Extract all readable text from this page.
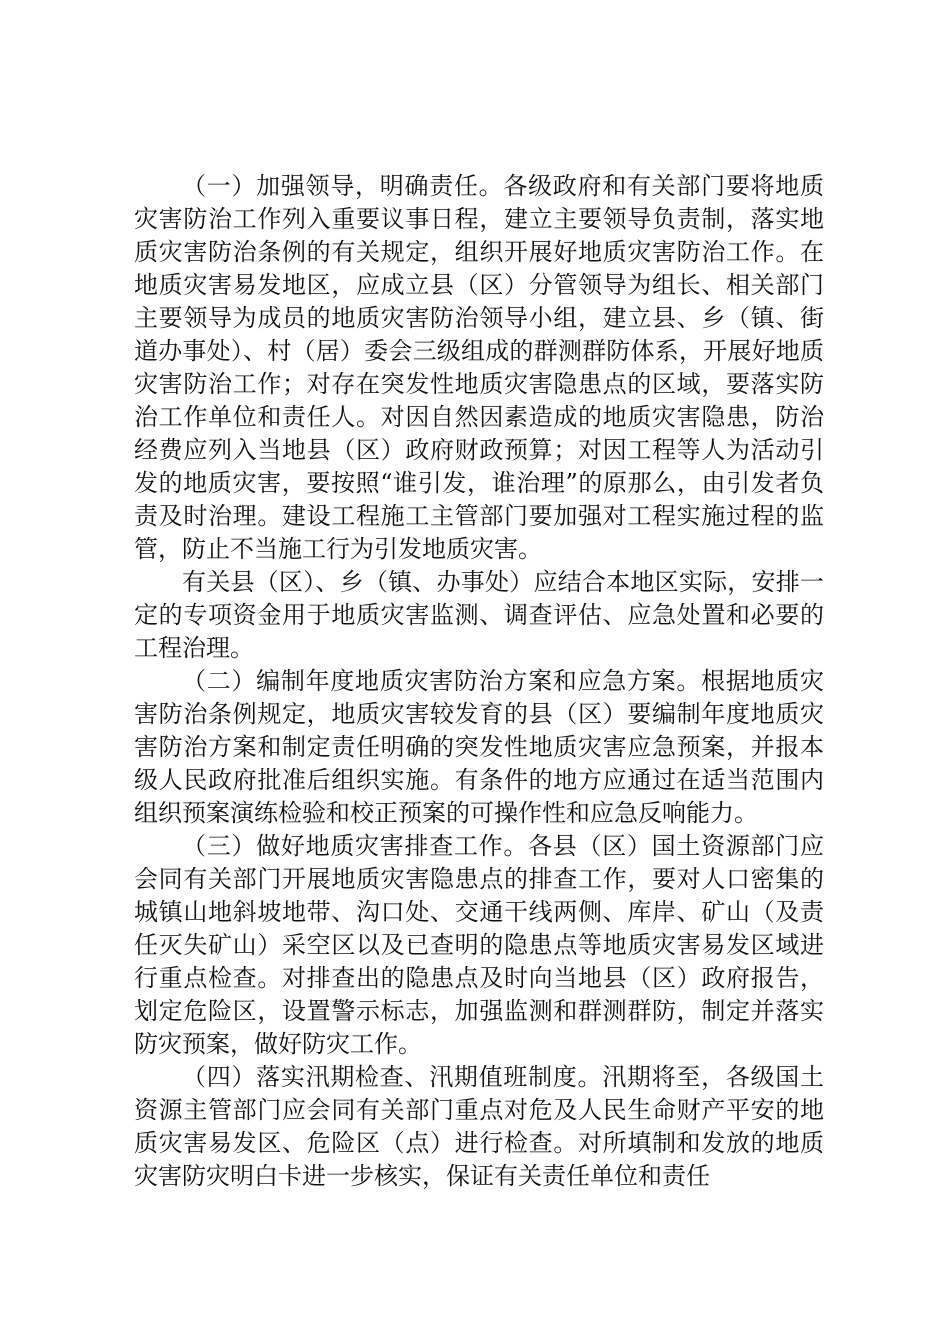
（一）加强领导，明确责任。各级政府和有关部门要将地质灾害防治工作列入重要议事日程，建立主要领导负责制，落实地质灾害防治条例的有关规定，组织开展好地质灾害防治工作。在地质灾害易发地区，应成立县（区）分管领导为组长、相关部门主要领导为成员的地质灾害防治领导小组，建立县、乡（镇、街道办事处）、村（居）委会三级组成的群测群防体系，开展好地质灾害防治工作；对存在突发性地质灾害隐患点的区域，要落实防治工作单位和责任人。对因自然因素造成的地质灾害隐患，防治经费应列入当地县（区）政府财政预算；对因工程等人为活动引发的地质灾害，要按照“谁引发，谁治理”的原那么，由引发者负责及时治理。建设工程施工主管部门要加强对工程实施过程的监管，防止不当施工行为引发地质灾害。

有关县（区）、乡（镇、办事处）应结合本地区实际，安排一定的专项资金用于地质灾害监测、调查评估、应急处置和必要的工程治理。

（二）编制年度地质灾害防治方案和应急方案。根据地质灾害防治条例规定，地质灾害较发育的县（区）要编制年度地质灾害防治方案和制定责任明确的突发性地质灾害应急预案，并报本级人民政府批准后组织实施。有条件的地方应通过在适当范围内组织预案演练检验和校正预案的可操作性和应急反响能力。

（三）做好地质灾害排查工作。各县（区）国土资源部门应会同有关部门开展地质灾害隐患点的排查工作，要对人口密集的城镇山地斜坡地带、沟口处、交通干线两侧、库岸、矿山（及责任灭失矿山）采空区以及已查明的隐患点等地质灾害易发区域进行重点检查。对排查出的隐患点及时向当地县（区）政府报告，划定危险区，设置警示标志，加强监测和群测群防，制定并落实防灾预案，做好防灾工作。

（四）落实汛期检查、汛期值班制度。汛期将至，各级国土资源主管部门应会同有关部门重点对危及人民生命财产平安的地质灾害易发区、危险区（点）进行检查。对所填制和发放的地质灾害防灾明白卡进一步核实，保证有关责任单位和责任
